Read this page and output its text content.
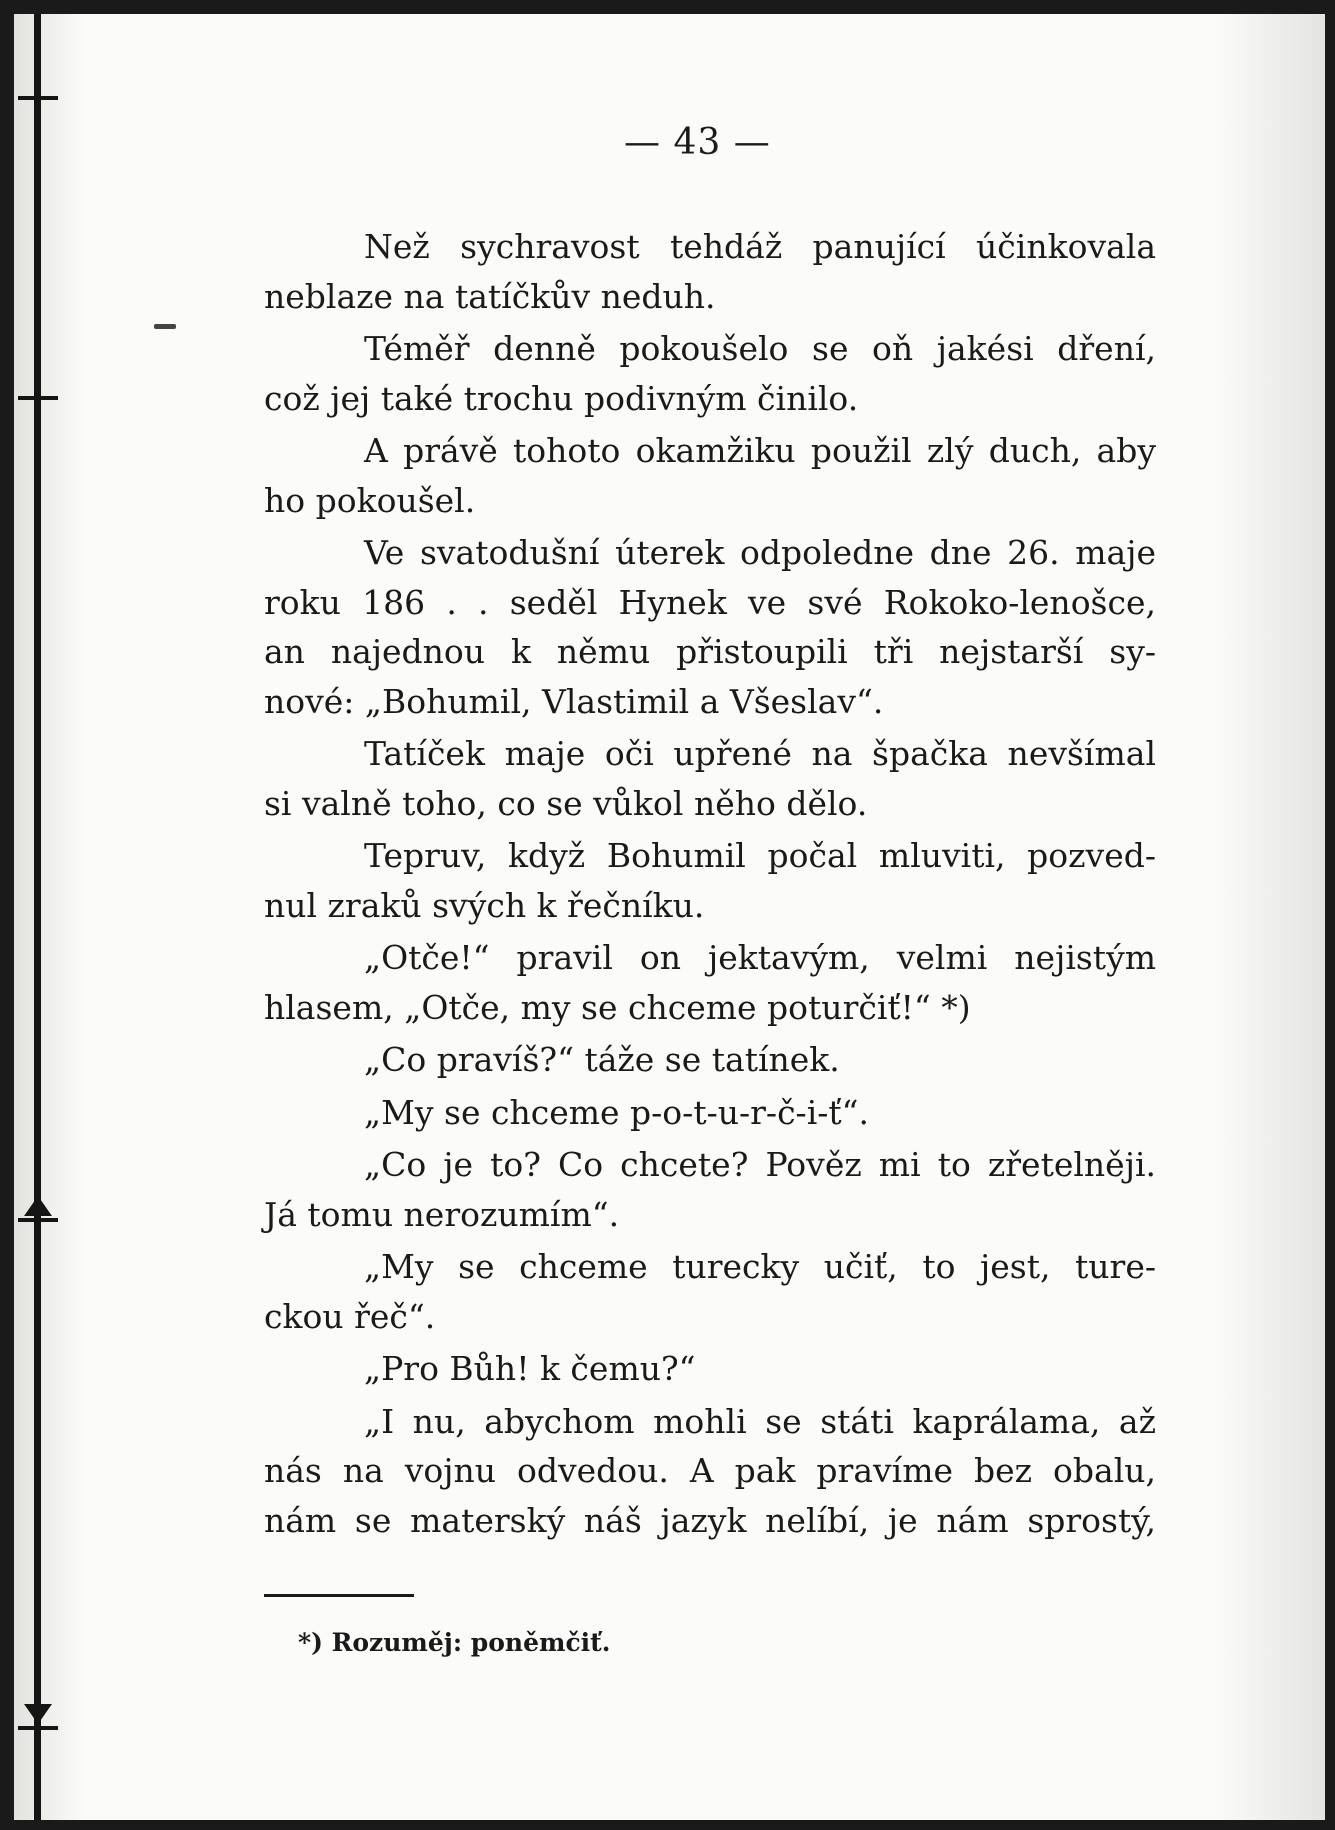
— 43 —
Než sychravost tehdáž panující účinkovala
neblaze na tatíčkův neduh.
Téměř denně pokoušelo se oň jakési dření,
což jej také trochu podivným činilo.
A právě tohoto okamžiku použil zlý duch, aby
ho pokoušel.
Ve svatodušní úterek odpoledne dne 26. maje
roku 186 . . seděl Hynek ve své Rokoko-lenošce,
an najednou k němu přistoupili tři nejstarší sy-
nové: „Bohumil, Vlastimil a Všeslav“.
Tatíček maje oči upřené na špačka nevšímal
si valně toho, co se vůkol něho dělo.
Tepruv, když Bohumil počal mluviti, pozved-
nul zraků svých k řečníku.
„Otče!“ pravil on jektavým, velmi nejistým
hlasem, „Otče, my se chceme poturčiť!“ *)
„Co pravíš?“ táže se tatínek.
„My se chceme p-o-t-u-r-č-i-ť“.
„Co je to? Co chcete? Pověz mi to zřetelněji.
Já tomu nerozumím“.
„My se chceme turecky učiť, to jest, ture-
ckou řeč“.
„Pro Bůh! k čemu?“
„I nu, abychom mohli se státi kaprálama, až
nás na vojnu odvedou. A pak pravíme bez obalu,
nám se materský náš jazyk nelíbí, je nám sprostý,
*) Rozuměj: poněmčiť.
